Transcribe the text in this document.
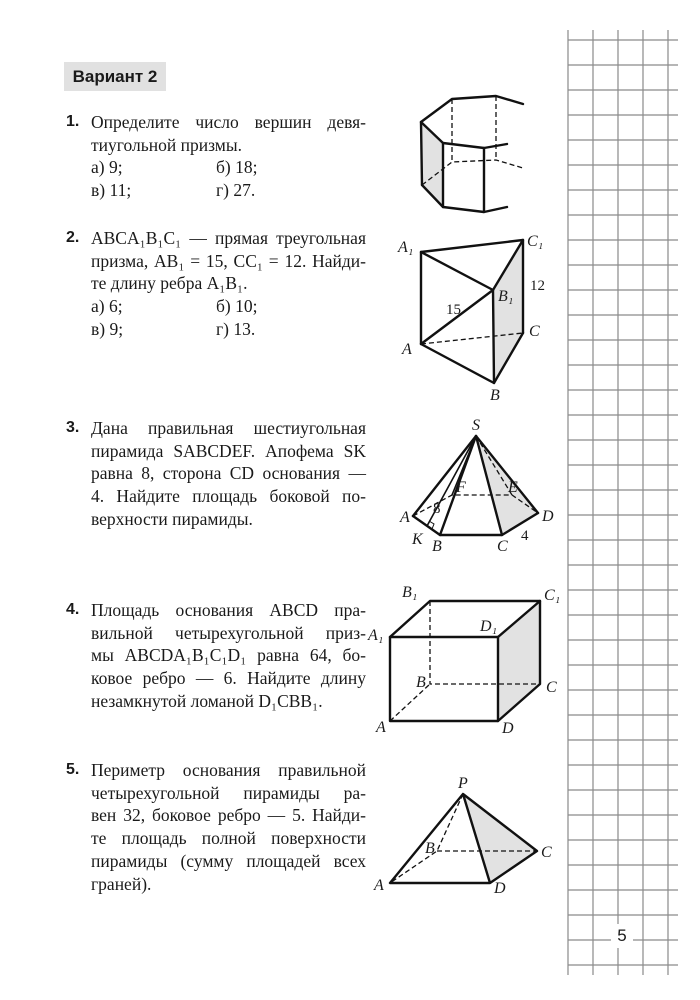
A₁	C₁
B₁
12
15
C
A
B
S
F	E
A 8	D
K B	C
4
B₁	C₁
A₁
D₁
B	C
A	D
P
B	C
A	D
Вариант 2
1. Определите число вершин девя-
тиугольной призмы.
а) 9;	б) 18;
в) 11;	г) 27.
2. ABCA₁B₁C₁ — прямая треугольная
призма, AB₁ = 15, CC₁ = 12. Найди-
те длину ребра A₁B₁.
а) 6;	б) 10;
в) 9;	г) 13.
3. Дана правильная шестиугольная
пирамида SABCDEF. Апофема SK
равна 8, сторона CD основания —
4. Найдите площадь боковой по-
верхности пирамиды.
4. Площадь основания ABCD пра-
вильной четырехугольной приз-
мы ABCDA₁B₁C₁D₁ равна 64, бо-
ковое ребро — 6. Найдите длину
незамкнутой ломаной D₁CBB₁.
5. Периметр основания правильной
четырехугольной пирамиды ра-
вен 32, боковое ребро — 5. Найди-
те площадь полной поверхности
пирамиды (сумму площадей всех
граней).
5
